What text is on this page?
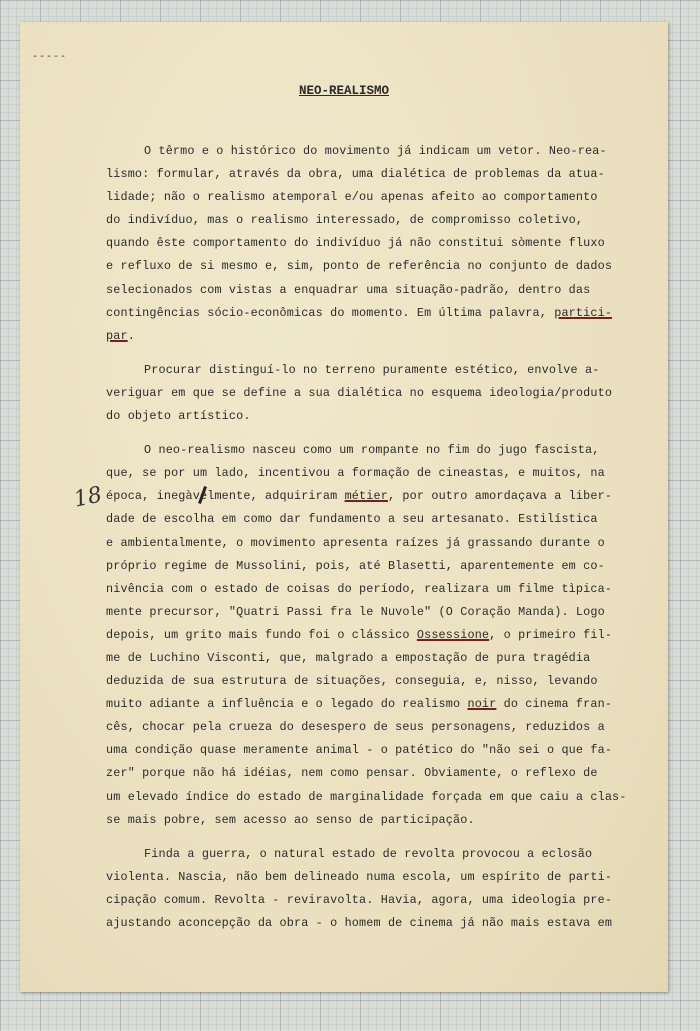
----‑
NEO-REALISMO
18
O têrmo e o histórico do movimento já indicam um vetor. Neo-rea-
lismo: formular, através da obra, uma dialética de problemas da atua-
lidade; não o realismo atemporal e/ou apenas afeito ao comportamento
do indivíduo, mas o realismo interessado, de compromisso coletivo,
quando êste comportamento do indivíduo já não constitui sòmente fluxo
e refluxo de si mesmo e, sim, ponto de referência no conjunto de dados
selecionados com vistas a enquadrar uma situação-padrão, dentro das
contingências sócio-econômicas do momento. Em última palavra, partici-
par.
Procurar distinguí-lo no terreno puramente estético, envolve a-
veriguar em que se define a sua dialética no esquema ideologia/produto
do objeto artístico.
O neo-realismo nasceu como um rompante no fim do jugo fascista,
que, se por um lado, incentivou a formação de cineastas, e muitos, na
época, inegàvelmente, adquiriram métier, por outro amordaçava a liber-
dade de escolha em como dar fundamento a seu artesanato. Estilística
e ambientalmente, o movimento apresenta raízes já grassando durante o
próprio regime de Mussolini, pois, até Blasetti, aparentemente em co-
nivência com o estado de coisas do período, realizara um filme tìpica-
mente precursor, "Quatri Passi fra le Nuvole" (O Coração Manda). Logo
depois, um grito mais fundo foi o clássico Ossessione, o primeiro fil-
me de Luchino Visconti, que, malgrado a empostação de pura tragédia
deduzida de sua estrutura de situações, conseguia, e, nisso, levando
muito adiante a influência e o legado do realismo noir do cinema fran-
cês, chocar pela crueza do desespero de seus personagens, reduzidos a
uma condição quase meramente animal - o patético do "não sei o que fa-
zer" porque não há idéias, nem como pensar. Obviamente, o reflexo de
um elevado índice do estado de marginalidade forçada em que caiu a clas-
se mais pobre, sem acesso ao senso de participação.
Finda a guerra, o natural estado de revolta provocou a eclosão
violenta. Nascia, não bem delineado numa escola, um espírito de parti-
cipação comum. Revolta - reviravolta. Havia, agora, uma ideologia pre-
ajustando aconcepção da obra - o homem de cinema já não mais estava em
